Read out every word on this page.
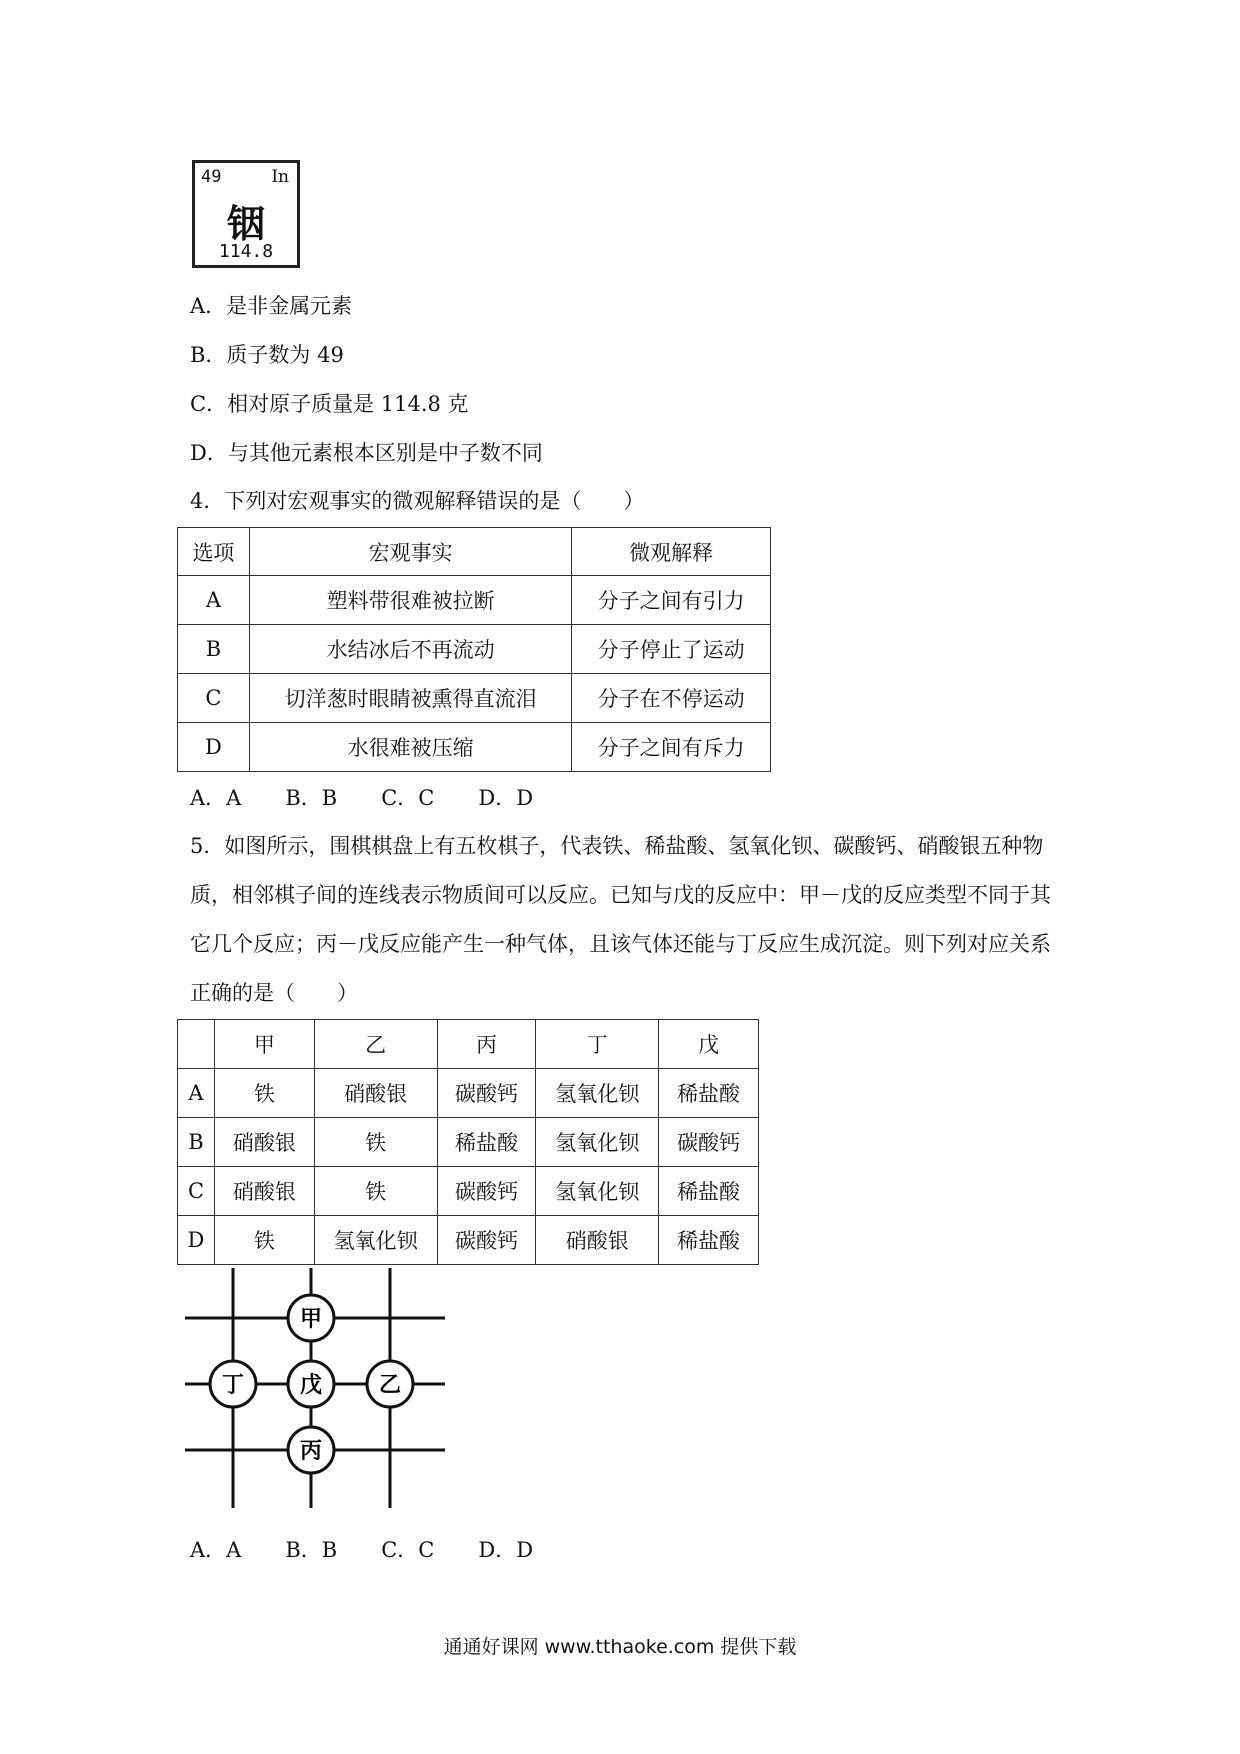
49	In
铟
114.8
A．是非金属元素
B．质子数为 49
C．相对原子质量是 114.8 克
D．与其他元素根本区别是中子数不同
4．下列对宏观事实的微观解释错误的是（　　）
选项	宏观事实	微观解释
A	塑料带很难被拉断	分子之间有引力
B	水结冰后不再流动	分子停止了运动
C	切洋葱时眼睛被熏得直流泪	分子在不停运动
D	水很难被压缩	分子之间有斥力
A．A B．B C．C D．D
5．如图所示，围棋棋盘上有五枚棋子，代表铁、稀盐酸、氢氧化钡、碳酸钙、硝酸银五种物质，相邻棋子间的连线表示物质间可以反应。已知与戊的反应中：甲－戊的反应类型不同于其它几个反应；丙－戊反应能产生一种气体，且该气体还能与丁反应生成沉淀。则下列对应关系正确的是（　　）
	甲	乙	丙	丁	戊
A	铁	硝酸银	碳酸钙	氢氧化钡	稀盐酸
B	硝酸银	铁	稀盐酸	氢氧化钡	碳酸钙
C	硝酸银	铁	碳酸钙	氢氧化钡	稀盐酸
D	铁	氢氧化钡	碳酸钙	硝酸银	稀盐酸
甲
丁	戊	乙
丙
A．A B．B C．C D．D
通通好课网 www.tthaoke.com 提供下载
